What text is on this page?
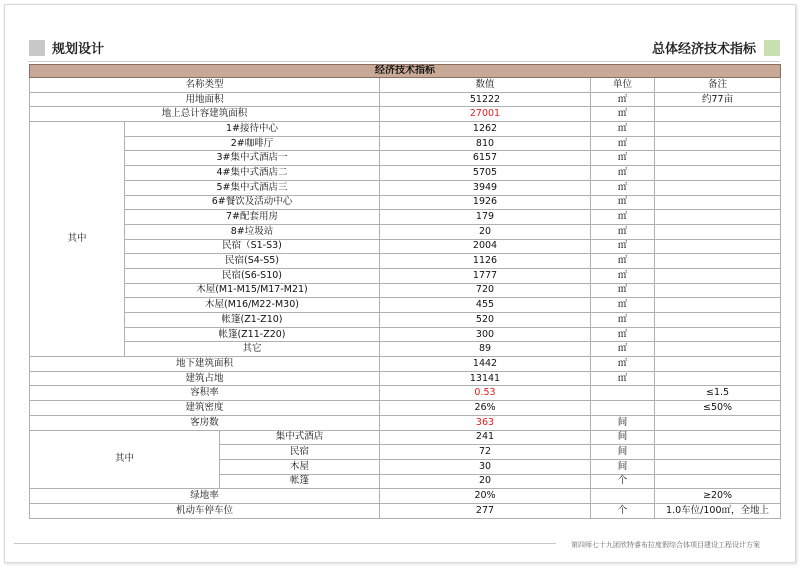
规划设计	总体经济技术指标
经济技术指标					
名称类型			数值	单位	备注
用地面积			51222	㎡	约77亩
地上总计容建筑面积			27001	㎡	
其中	1#接待中心		1262	㎡	
	2#咖啡厅		810	㎡	
	3#集中式酒店一		6157	㎡	
	4#集中式酒店二		5705	㎡	
	5#集中式酒店三		3949	㎡	
	6#餐饮及活动中心		1926	㎡	
	7#配套用房		179	㎡	
	8#垃圾站		20	㎡	
	民宿（S1-S3)		2004	㎡	
	民宿(S4-S5)		1126	㎡	
	民宿(S6-S10)		1777	㎡	
	木屋(M1-M15/M17-M21)		720	㎡	
	木屋(M16/M22-M30)		455	㎡	
	帐篷(Z1-Z10)		520	㎡	
	帐篷(Z11-Z20)		300	㎡	
	其它		89	㎡	
地下建筑面积			1442	㎡	
建筑占地			13141	㎡	
容积率			0.53		≤1.5
建筑密度			26%		≤50%
客房数			363	间	
其中		集中式酒店	241	间	
		民宿	72	间	
		木屋	30	间	
		帐篷	20	个	
绿地率			20%		≥20%
机动车停车位			277	个	1.0车位/100㎡，全地上
第四师七十九团欣特睿布拉度假综合体项目建设工程设计方案
